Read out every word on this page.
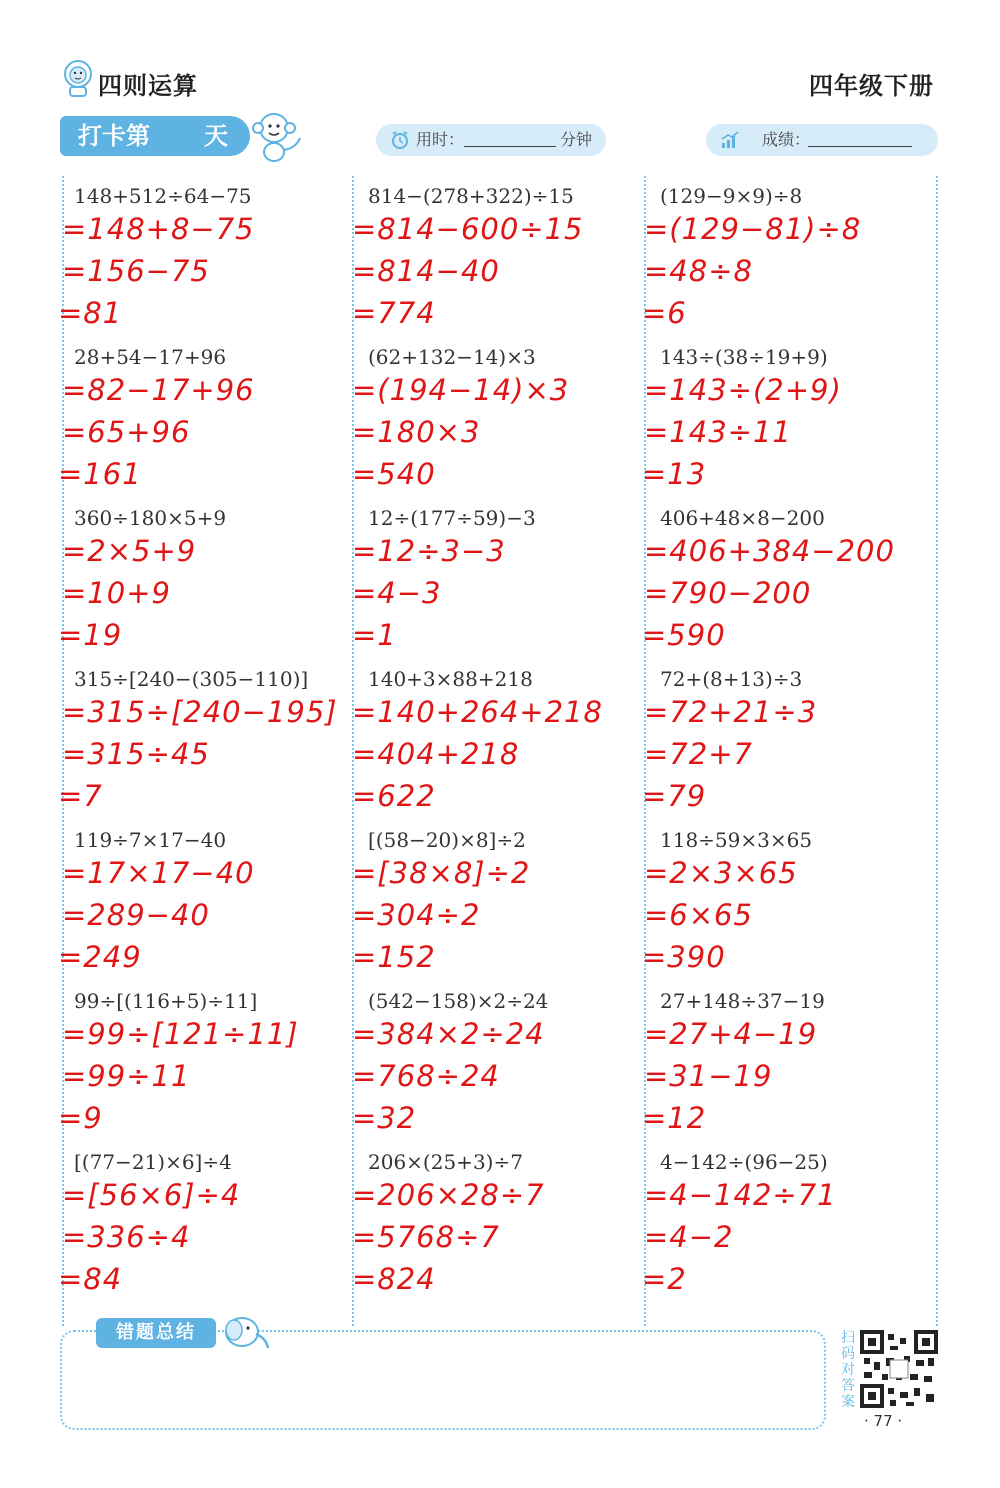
四则运算	四年级下册
打卡第 天	用时：	分钟	成绩：
148+512÷64−75
=148+8−75
=156−75
=81
28+54−17+96
=82−17+96
=65+96
=161
360÷180×5+9
=2×5+9
=10+9
=19
315÷[240−(305−110)]
=315÷[240−195]
=315÷45
=7
119÷7×17−40
=17×17−40
=289−40
=249
99÷[(116+5)÷11]
=99÷[121÷11]
=99÷11
=9
[(77−21)×6]÷4
=[56×6]÷4
=336÷4
=84
814−(278+322)÷15
=814−600÷15
=814−40
=774
(62+132−14)×3
=(194−14)×3
=180×3
=540
12÷(177÷59)−3
=12÷3−3
=4−3
=1
140+3×88+218
=140+264+218
=404+218
=622
[(58−20)×8]÷2
=[38×8]÷2
=304÷2
=152
(542−158)×2÷24
=384×2÷24
=768÷24
=32
206×(25+3)÷7
=206×28÷7
=5768÷7
=824
(129−9×9)÷8
=(129−81)÷8
=48÷8
=6
143÷(38÷19+9)
=143÷(2+9)
=143÷11
=13
406+48×8−200
=406+384−200
=790−200
=590
72+(8+13)÷3
=72+21÷3
=72+7
=79
118÷59×3×65
=2×3×65
=6×65
=390
27+148÷37−19
=27+4−19
=31−19
=12
4−142÷(96−25)
=4−142÷71
=4−2
=2
错题总结	扫码对答案
· 77 ·
